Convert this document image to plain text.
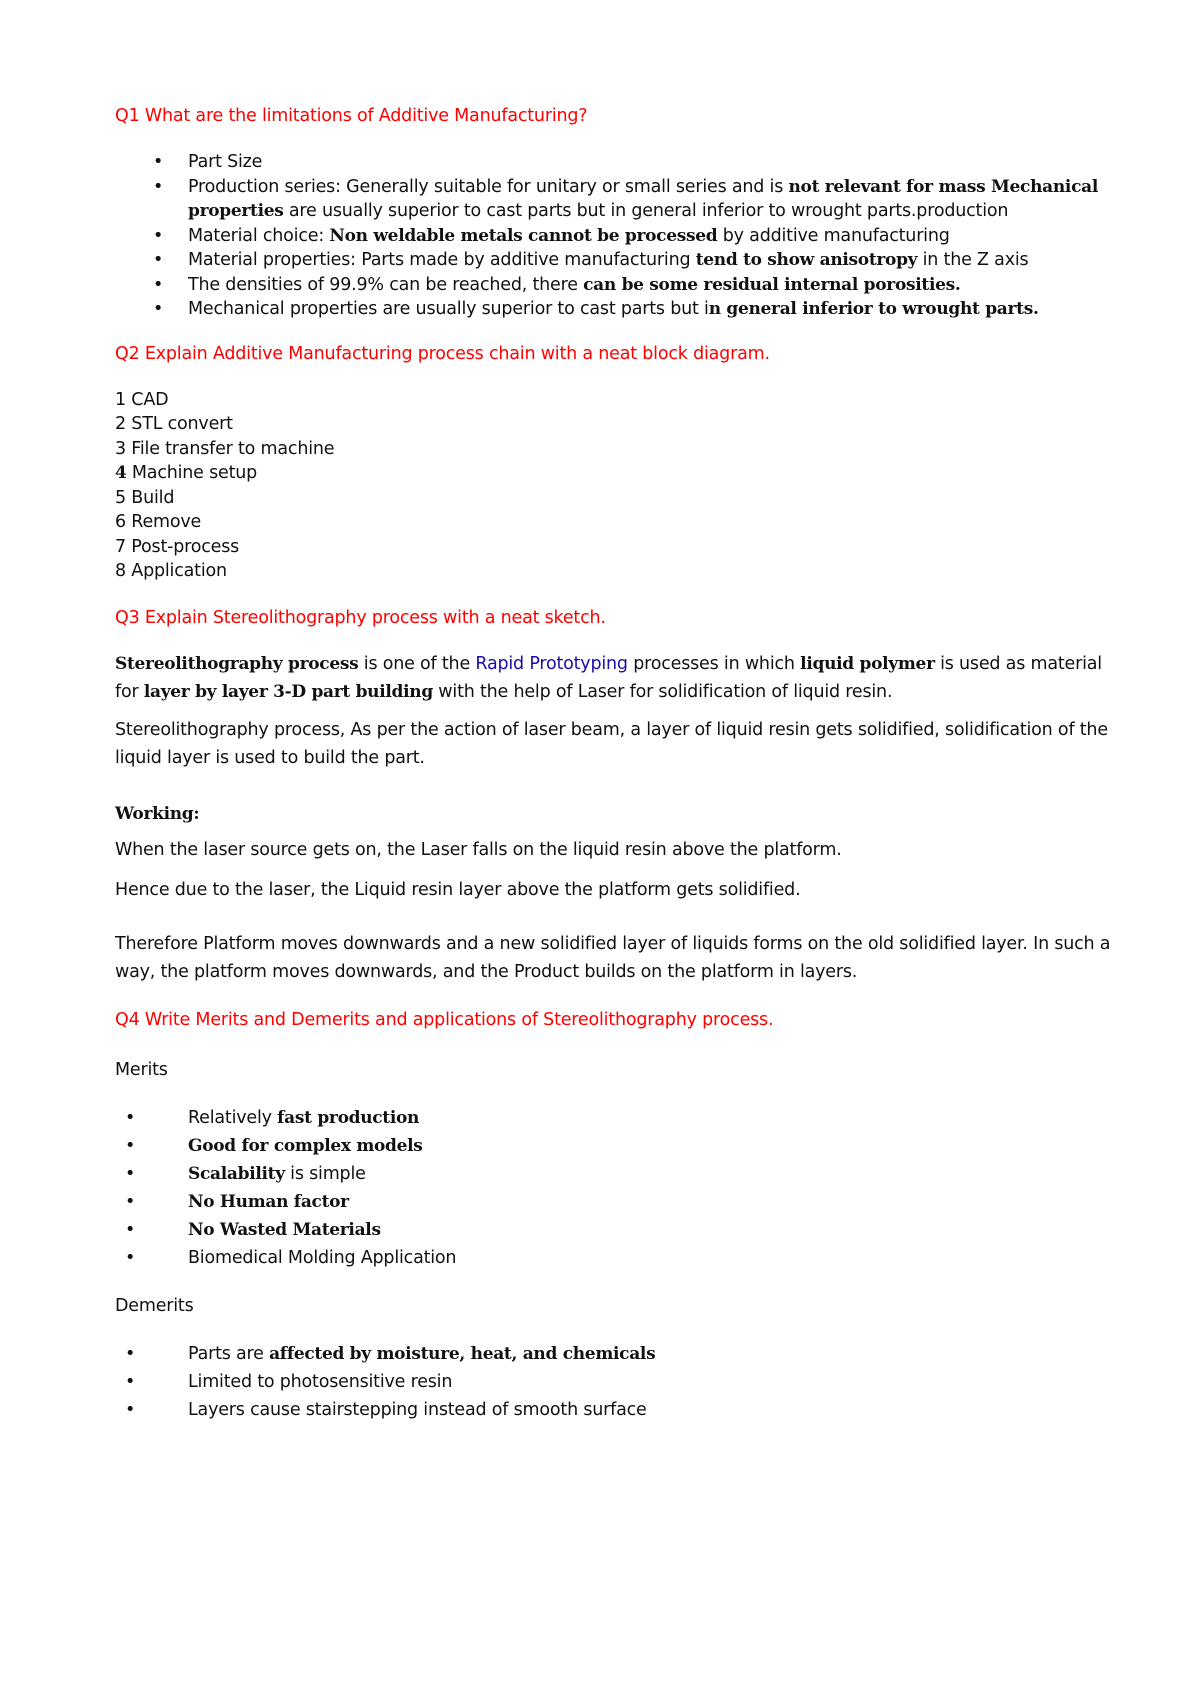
Q1 What are the limitations of Additive Manufacturing?

• Part Size
• Production series: Generally suitable for unitary or small series and is not relevant for mass Mechanical properties are usually superior to cast parts but in general inferior to wrought parts.production
• Material choice: Non weldable metals cannot be processed by additive manufacturing
• Material properties: Parts made by additive manufacturing tend to show anisotropy in the Z axis
• The densities of 99.9% can be reached, there can be some residual internal porosities.
• Mechanical properties are usually superior to cast parts but in general inferior to wrought parts.

Q2 Explain Additive Manufacturing process chain with a neat block diagram.

1 CAD
2 STL convert
3 File transfer to machine
4 Machine setup
5 Build
6 Remove
7 Post-process
8 Application

Q3 Explain Stereolithography process with a neat sketch.

Stereolithography process is one of the Rapid Prototyping processes in which liquid polymer is used as material for layer by layer 3-D part building with the help of Laser for solidification of liquid resin.

Stereolithography process, As per the action of laser beam, a layer of liquid resin gets solidified, solidification of the liquid layer is used to build the part.

Working:

When the laser source gets on, the Laser falls on the liquid resin above the platform.

Hence due to the laser, the Liquid resin layer above the platform gets solidified.

Therefore Platform moves downwards and a new solidified layer of liquids forms on the old solidified layer. In such a way, the platform moves downwards, and the Product builds on the platform in layers.

Q4 Write Merits and Demerits and applications of Stereolithography process.

Merits

• Relatively fast production
• Good for complex models
• Scalability is simple
• No Human factor
• No Wasted Materials
• Biomedical Molding Application

Demerits

• Parts are affected by moisture, heat, and chemicals
• Limited to photosensitive resin
• Layers cause stairstepping instead of smooth surface
